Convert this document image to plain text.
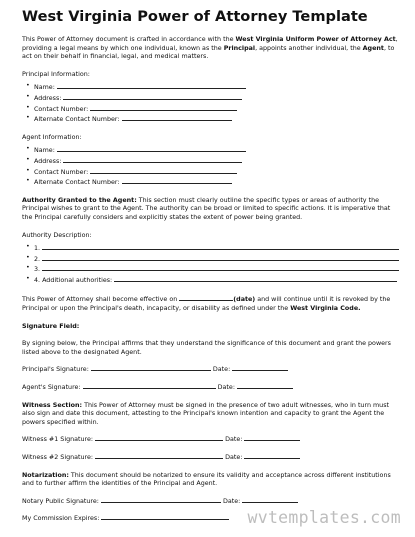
West Virginia Power of Attorney Template

This Power of Attorney document is crafted in accordance with the West Virginia Uniform Power of Attorney Act, providing a legal means by which one individual, known as the Principal, appoints another individual, the Agent, to act on their behalf in financial, legal, and medical matters.

Principal Information:

• Name:
• Address:
• Contact Number:
• Alternate Contact Number:

Agent Information:

• Name:
• Address:
• Contact Number:
• Alternate Contact Number:

Authority Granted to the Agent: This section must clearly outline the specific types or areas of authority the Principal wishes to grant to the Agent. The authority can be broad or limited to specific actions. It is imperative that the Principal carefully considers and explicitly states the extent of power being granted.

Authority Description:

• 1.
• 2.
• 3.
• 4. Additional authorities:

This Power of Attorney shall become effective on	(date) and will continue until it is revoked by the Principal or upon the Principal's death, incapacity, or disability as defined under the West Virginia Code.

Signature Field:

By signing below, the Principal affirms that they understand the significance of this document and grant the powers listed above to the designated Agent.

Principal's Signature:	Date:

Agent's Signature:	Date:

Witness Section: This Power of Attorney must be signed in the presence of two adult witnesses, who in turn must also sign and date this document, attesting to the Principal's known intention and capacity to grant the Agent the powers specified within.

Witness #1 Signature:	Date:

Witness #2 Signature:	Date:

Notarization: This document should be notarized to ensure its validity and acceptance across different institutions and to further affirm the identities of the Principal and Agent.

Notary Public Signature:	Date:

My Commission Expires:	wvtemplates.com
